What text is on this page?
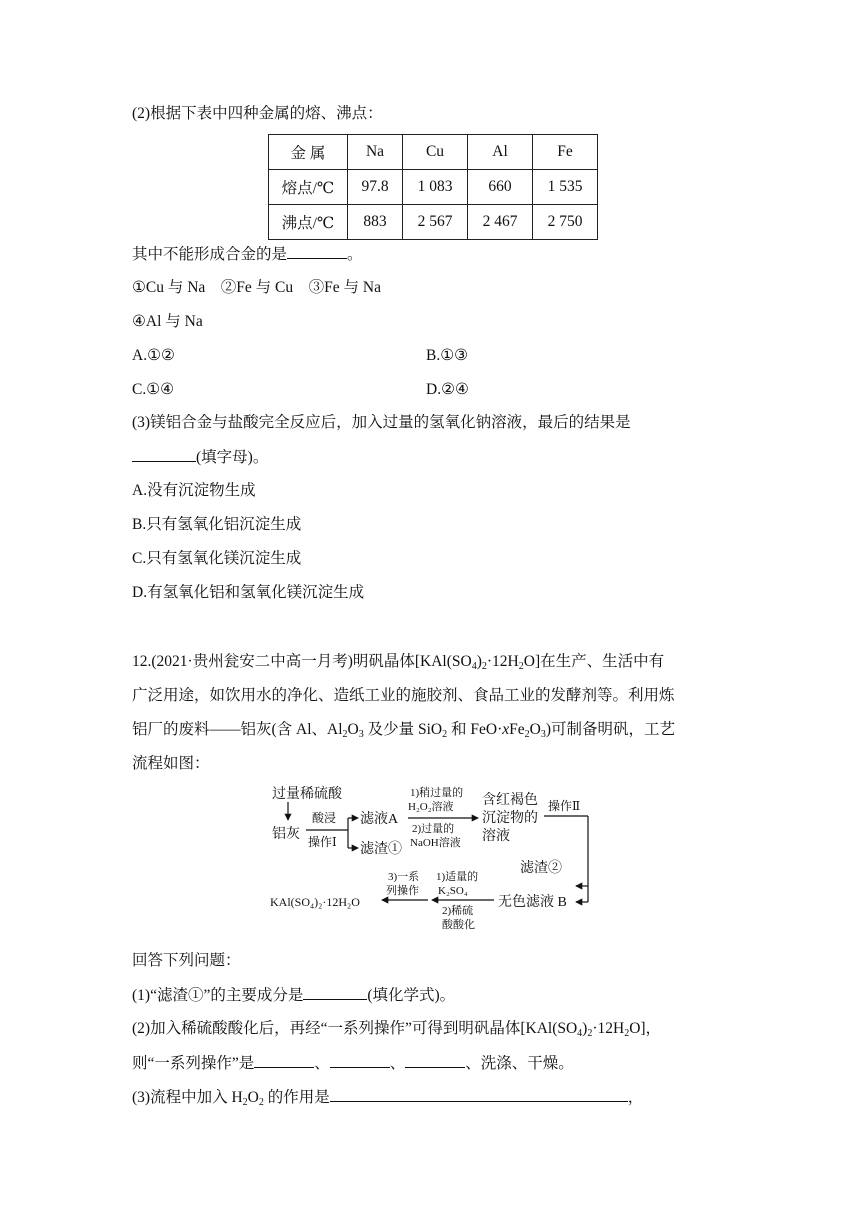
(2)根据下表中四种金属的熔、沸点：
金 属	Na	Cu	Al	Fe
熔点/℃	97.8	1 083	660	1 535
沸点/℃	883	2 567	2 467	2 750
其中不能形成合金的是	。
①Cu 与 Na　②Fe 与 Cu　③Fe 与 Na
④Al 与 Na
A.①②	B.①③
C.①④	D.②④
(3)镁铝合金与盐酸完全反应后，加入过量的氢氧化钠溶液，最后的结果是
(填字母)。
A.没有沉淀物生成
B.只有氢氧化铝沉淀生成
C.只有氢氧化镁沉淀生成
D.有氢氧化铝和氢氧化镁沉淀生成
12.(2021·贵州瓮安二中高一月考)明矾晶体$[KAl(SO_4)_2\cdot 12H_2O]$在生产、生活中有
广泛用途，如饮用水的净化、造纸工业的施胶剂、食品工业的发酵剂等。利用炼
铝厂的废料——铝灰(含 Al、$Al_2O_3$ 及少量 SiO$_2$ 和 $FeO\cdot xFe_2O_3$)可制备明矾，工艺
流程如图：
过量稀硫酸
铝灰
酸浸
操作Ⅰ
滤液A
滤渣①
1)稍过量的
H₂O₂溶液
2)过量的
NaOH溶液
含红褐色
沉淀物的
溶液
操作Ⅱ
滤渣②
无色滤液 B
1)适量的
K₂SO₄
2)稀硫
酸酸化
3)一系
列操作
KAl(SO₄)₂·12H₂O
回答下列问题：
(1)“滤渣①”的主要成分是	(填化学式)。
(2)加入稀硫酸酸化后，再经“一系列操作”可得到明矾晶体$[KAl(SO_4)_2\cdot 12H_2O]$，
则“一系列操作”是	、	、	、洗涤、干燥。
(3)流程中加入 $H_2O_2$ 的作用是	，
